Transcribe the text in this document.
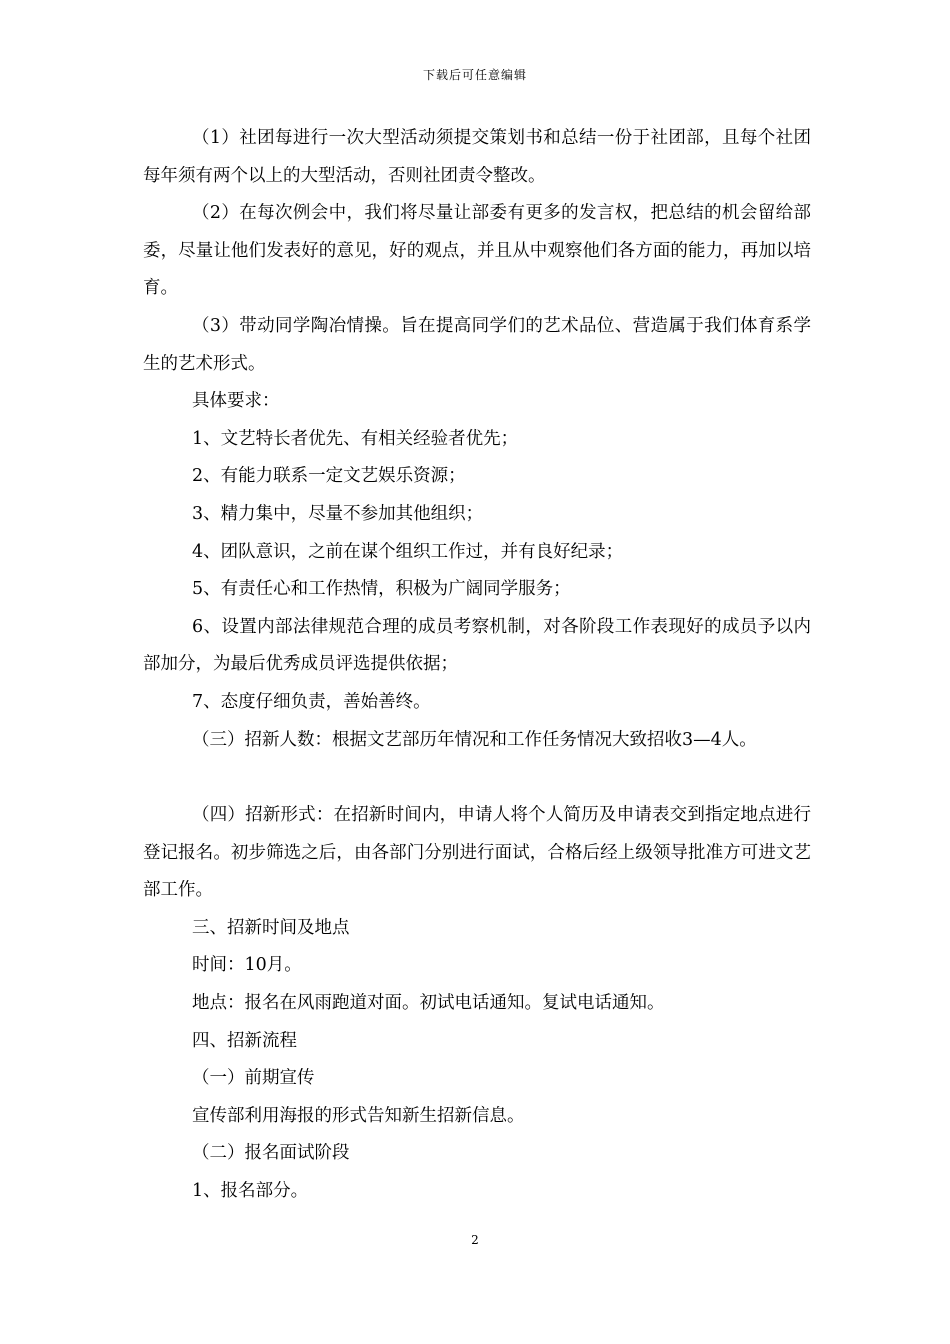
下载后可任意编辑

（1）社团每进行一次大型活动须提交策划书和总结一份于社团部，且每个社团每年须有两个以上的大型活动，否则社团责令整改。

（2）在每次例会中，我们将尽量让部委有更多的发言权，把总结的机会留给部委，尽量让他们发表好的意见，好的观点，并且从中观察他们各方面的能力，再加以培育。

（3）带动同学陶冶情操。旨在提高同学们的艺术品位、营造属于我们体育系学生的艺术形式。

具体要求：

1、文艺特长者优先、有相关经验者优先；

2、有能力联系一定文艺娱乐资源；

3、精力集中，尽量不参加其他组织；

4、团队意识，之前在谋个组织工作过，并有良好纪录；

5、有责任心和工作热情，积极为广阔同学服务；

6、设置内部法律规范合理的成员考察机制，对各阶段工作表现好的成员予以内部加分，为最后优秀成员评选提供依据；

7、态度仔细负责，善始善终。

（三）招新人数：根据文艺部历年情况和工作任务情况大致招收3—4人。

（四）招新形式：在招新时间内，申请人将个人简历及申请表交到指定地点进行登记报名。初步筛选之后，由各部门分别进行面试，合格后经上级领导批准方可进文艺部工作。

三、招新时间及地点

时间：10月。

地点：报名在风雨跑道对面。初试电话通知。复试电话通知。

四、招新流程

（一）前期宣传

宣传部利用海报的形式告知新生招新信息。

（二）报名面试阶段

1、报名部分。

2
